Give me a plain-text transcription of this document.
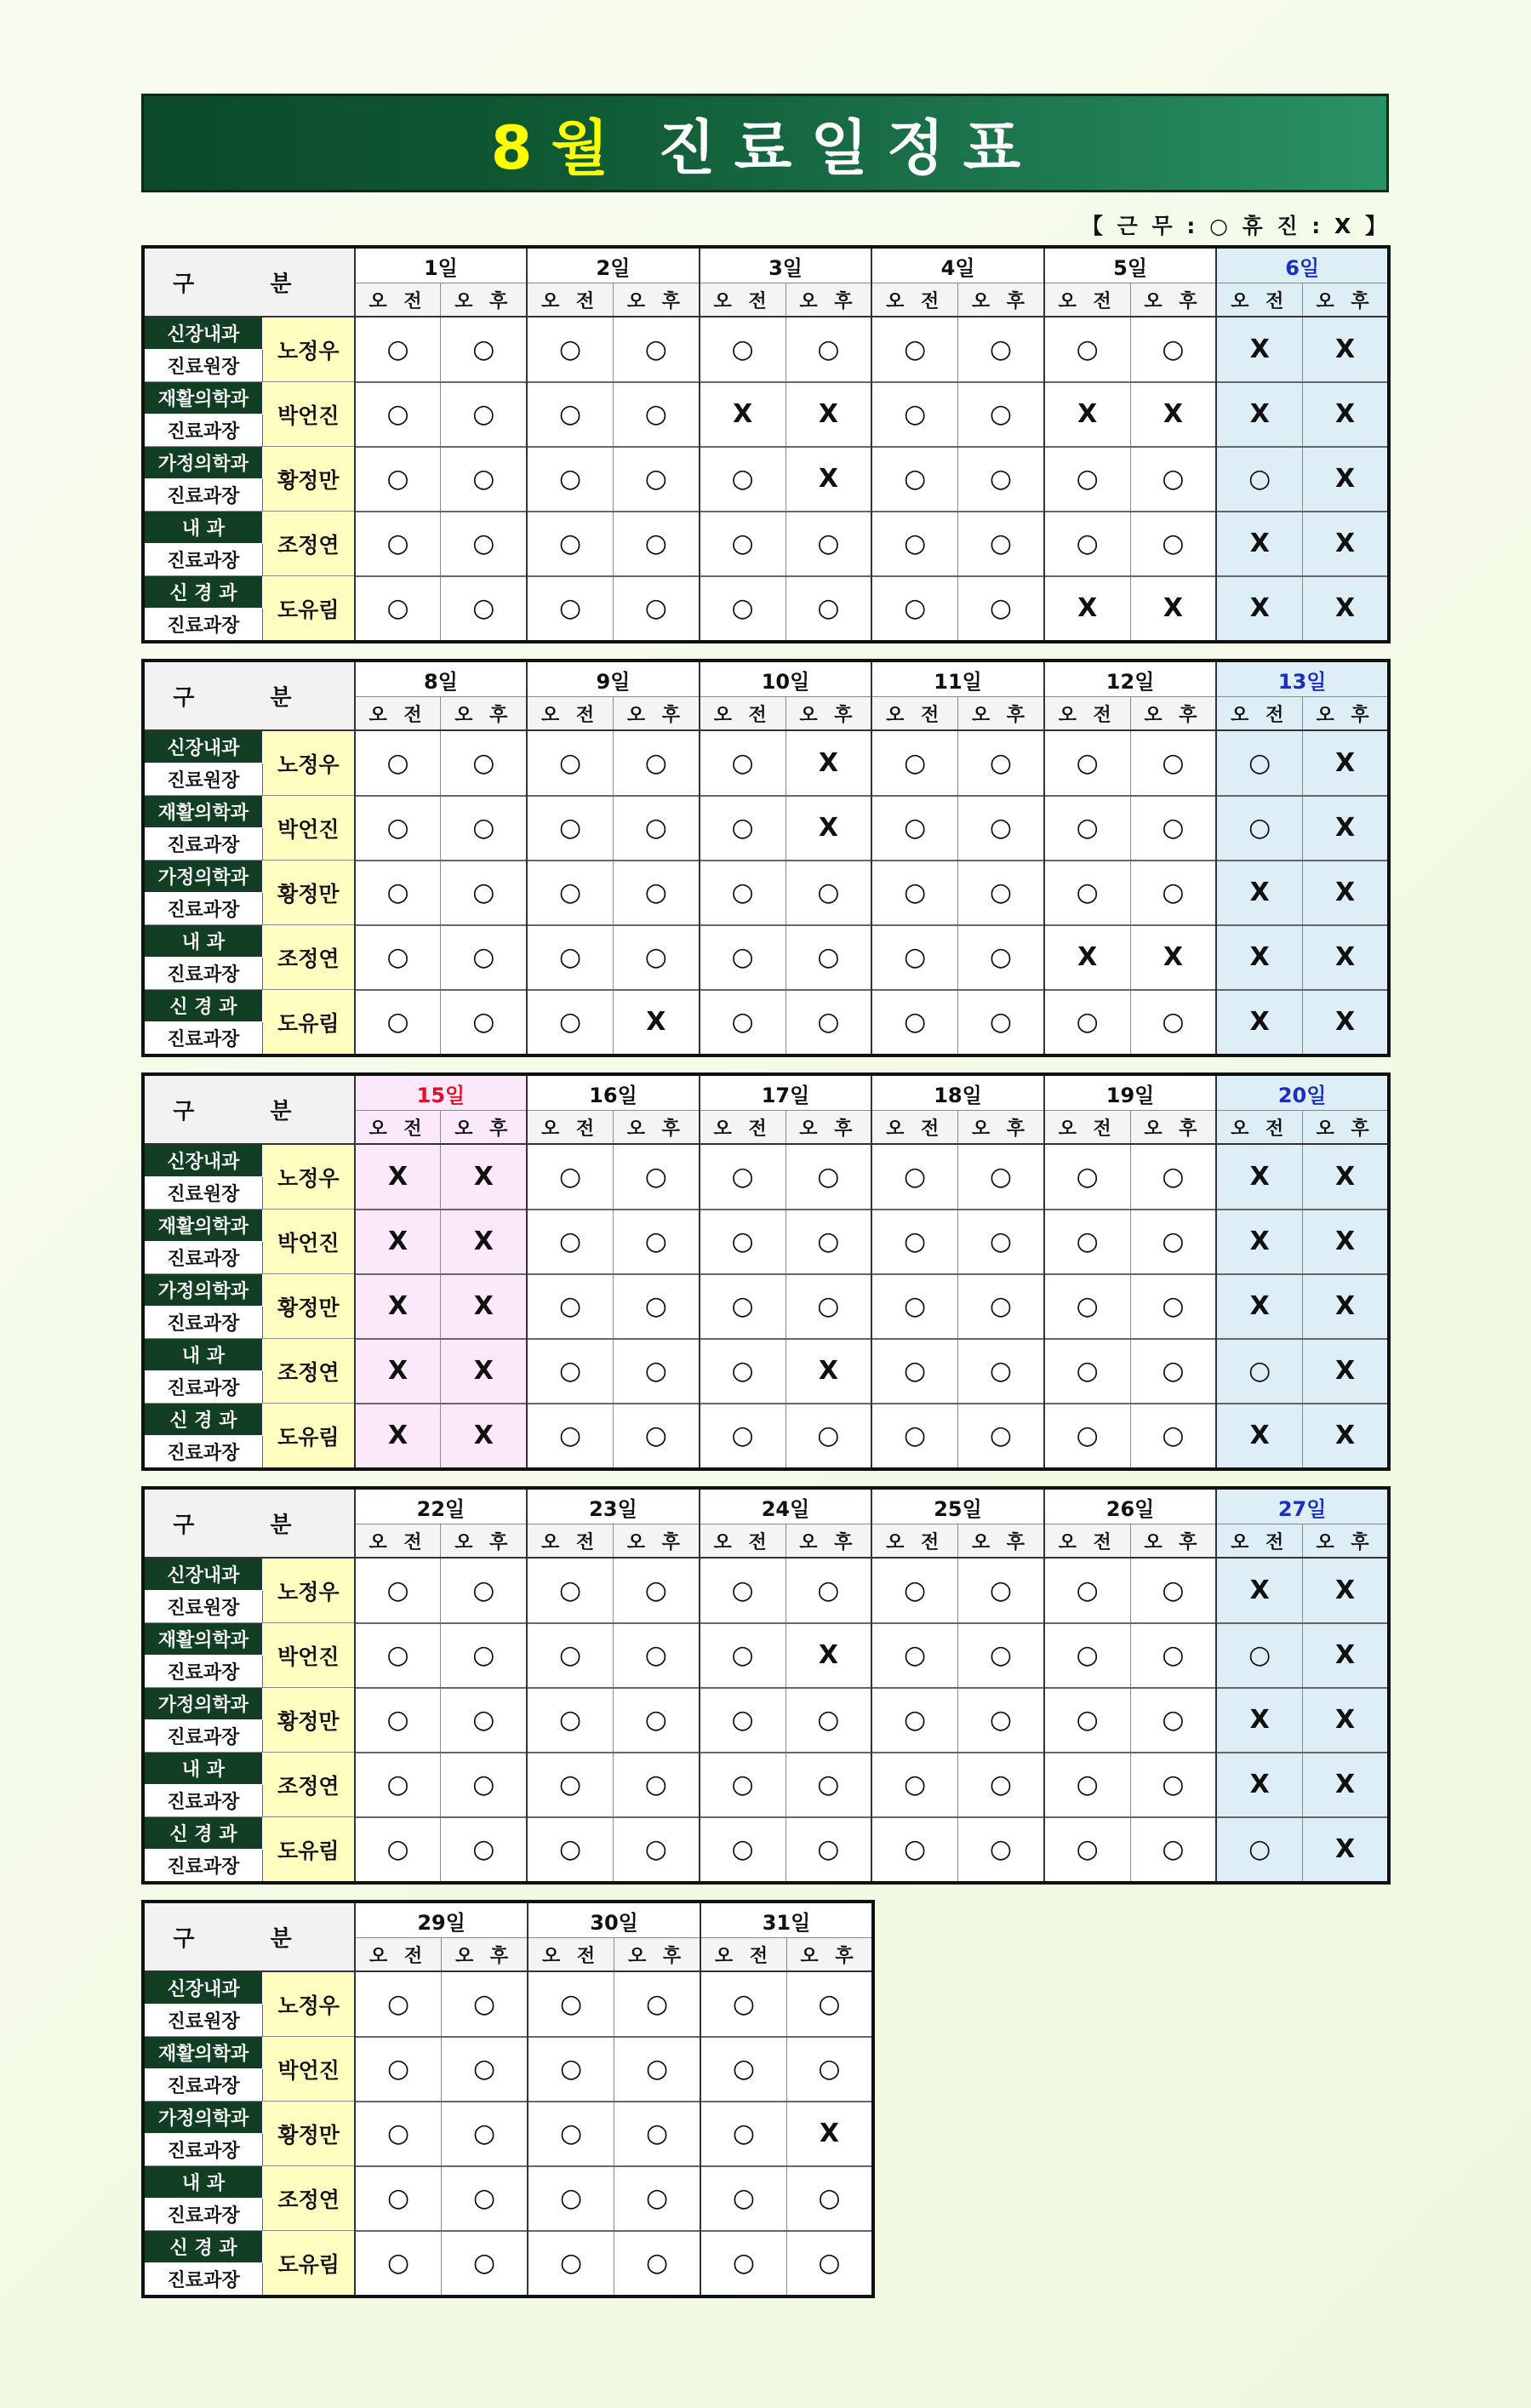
8월 진료일정표
【 근 무 : ○ 휴 진 : X 】
구 분		1일		2일		3일		4일		5일		6일	
		오 전	오 후	오 전	오 후	오 전	오 후	오 전	오 후	오 전	오 후	오 전	오 후
신장내과	노정우	○	○	○	○	○	○	○	○	○	○	X	X
진료원장													
재활의학과	박언진	○	○	○	○	X	X	○	○	X	X	X	X
진료과장													
가정의학과	황정만	○	○	○	○	○	X	○	○	○	○	○	X
진료과장													
내 과	조정연	○	○	○	○	○	○	○	○	○	○	X	X
진료과장													
신 경 과	도유림	○	○	○	○	○	○	○	○	X	X	X	X
진료과장													
구 분		8일		9일		10일		11일		12일		13일	
		오 전	오 후	오 전	오 후	오 전	오 후	오 전	오 후	오 전	오 후	오 전	오 후
신장내과	노정우	○	○	○	○	○	X	○	○	○	○	○	X
진료원장													
재활의학과	박언진	○	○	○	○	○	X	○	○	○	○	○	X
진료과장													
가정의학과	황정만	○	○	○	○	○	○	○	○	○	○	X	X
진료과장													
내 과	조정연	○	○	○	○	○	○	○	○	X	X	X	X
진료과장													
신 경 과	도유림	○	○	○	X	○	○	○	○	○	○	X	X
진료과장													
구 분		15일		16일		17일		18일		19일		20일	
		오 전	오 후	오 전	오 후	오 전	오 후	오 전	오 후	오 전	오 후	오 전	오 후
신장내과	노정우	X	X	○	○	○	○	○	○	○	○	X	X
진료원장													
재활의학과	박언진	X	X	○	○	○	○	○	○	○	○	X	X
진료과장													
가정의학과	황정만	X	X	○	○	○	○	○	○	○	○	X	X
진료과장													
내 과	조정연	X	X	○	○	○	X	○	○	○	○	○	X
진료과장													
신 경 과	도유림	X	X	○	○	○	○	○	○	○	○	X	X
진료과장													
구 분		22일		23일		24일		25일		26일		27일	
		오 전	오 후	오 전	오 후	오 전	오 후	오 전	오 후	오 전	오 후	오 전	오 후
신장내과	노정우	○	○	○	○	○	○	○	○	○	○	X	X
진료원장													
재활의학과	박언진	○	○	○	○	○	X	○	○	○	○	○	X
진료과장													
가정의학과	황정만	○	○	○	○	○	○	○	○	○	○	X	X
진료과장													
내 과	조정연	○	○	○	○	○	○	○	○	○	○	X	X
진료과장													
신 경 과	도유림	○	○	○	○	○	○	○	○	○	○	○	X
진료과장													
구 분		29일		30일		31일	
		오 전	오 후	오 전	오 후	오 전	오 후
신장내과	노정우	○	○	○	○	○	○
진료원장							
재활의학과	박언진	○	○	○	○	○	○
진료과장							
가정의학과	황정만	○	○	○	○	○	X
진료과장							
내 과	조정연	○	○	○	○	○	○
진료과장							
신 경 과	도유림	○	○	○	○	○	○
진료과장							
